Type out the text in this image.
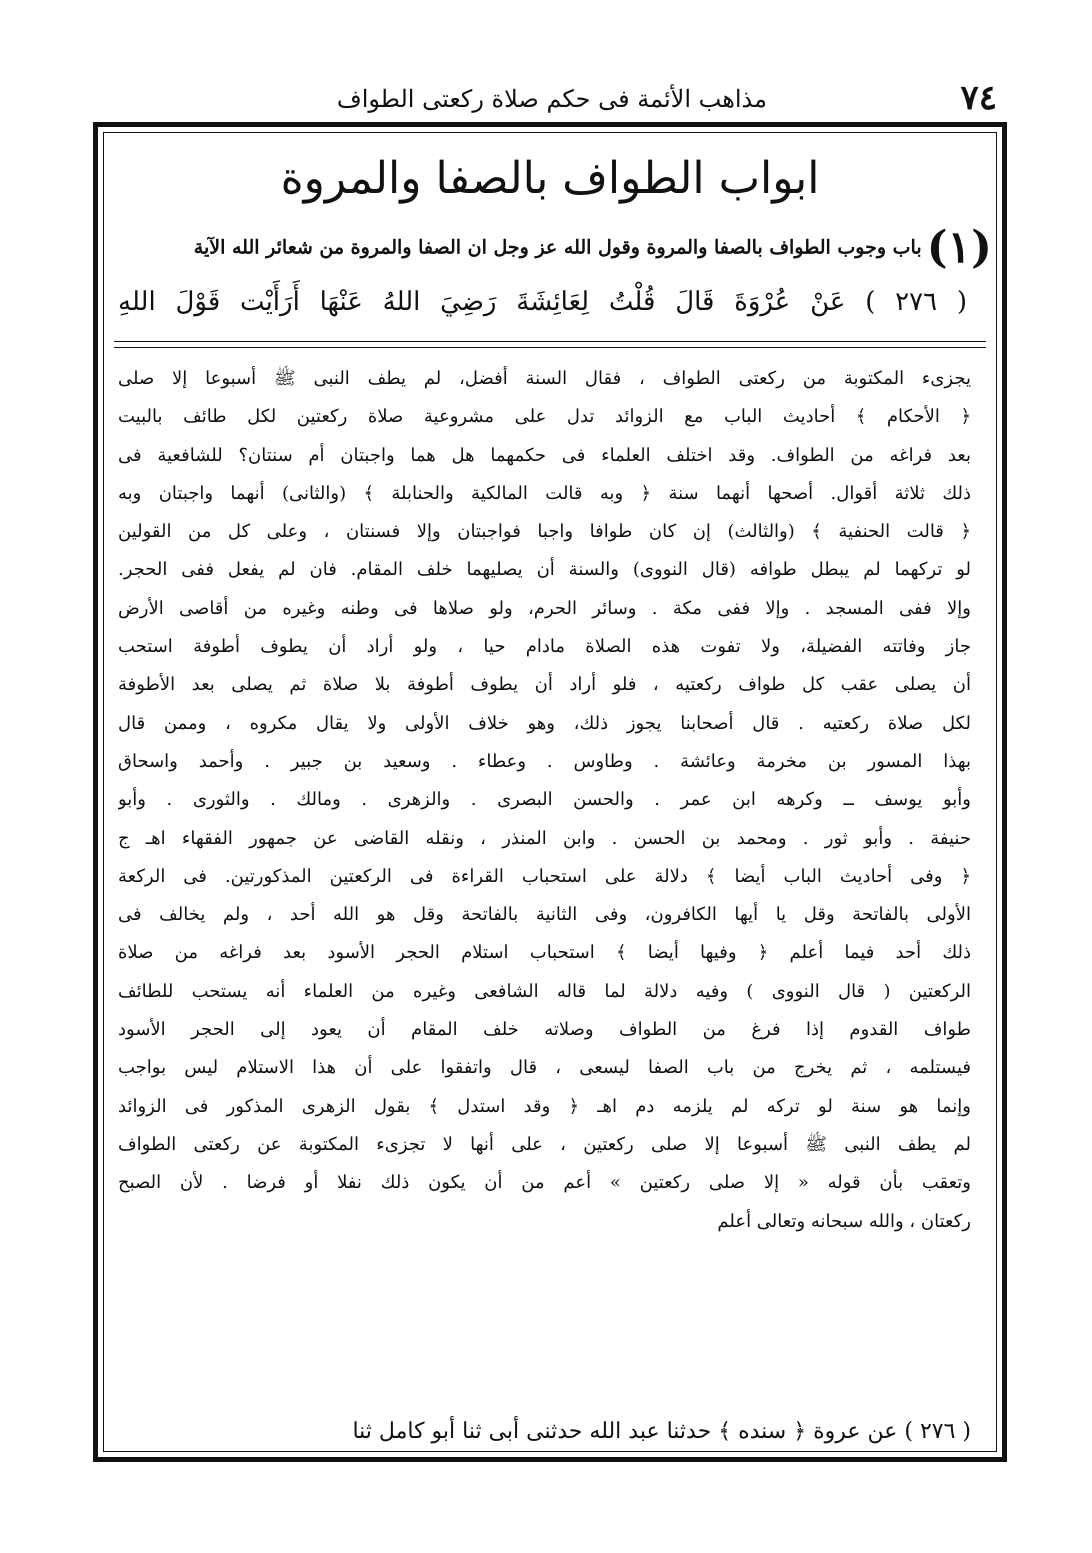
٧٤
مذاهب الأئمة فى حكم صلاة ركعتى الطواف
ابواب الطواف بالصفا والمروة
(١) باب وجوب الطواف بالصفا والمروة وقول الله عز وجل ان الصفا والمروة من شعائر الله الآية
( ٢٧٦ ) عَنْ عُرْوَةَ قَالَ قُلْتُ لِعَائِشَةَ رَضِيَ اللهُ عَنْهَا أَرَأَيْت قَوْلَ اللهِ
يجزىء المكتوبة من ركعتى الطواف ، فقال السنة أفضل، لم يطف النبى ﷺ أسبوعا إلا صلى
﴿ الأحكام ﴾ أحاديث الباب مع الزوائد تدل على مشروعية صلاة ركعتين لكل طائف بالبيت
بعد فراغه من الطواف. وقد اختلف العلماء فى حكمهما هل هما واجبتان أم سنتان؟ للشافعية فى
ذلك ثلاثة أقوال. أصحها أنهما سنة ﴿ وبه قالت المالكية والحنابلة ﴾ (والثانى) أنهما واجبتان وبه
﴿ قالت الحنفية ﴾ (والثالث) إن كان طوافا واجبا فواجبتان وإلا فسنتان ، وعلى كل من القولين
لو تركهما لم يبطل طوافه (قال النووى) والسنة أن يصليهما خلف المقام. فان لم يفعل ففى الحجر.
وإلا ففى المسجد . وإلا ففى مكة . وسائر الحرم، ولو صلاها فى وطنه وغيره من أقاصى الأرض
جاز وفاتته الفضيلة، ولا تفوت هذه الصلاة مادام حيا ، ولو أراد أن يطوف أطوفة استحب
أن يصلى عقب كل طواف ركعتيه ، فلو أراد أن يطوف أطوفة بلا صلاة ثم يصلى بعد الأطوفة
لكل صلاة ركعتيه . قال أصحابنا يجوز ذلك، وهو خلاف الأولى ولا يقال مكروه ، وممن قال
بهذا المسور بن مخرمة وعائشة . وطاوس . وعطاء . وسعيد بن جبير . وأحمد واسحاق
وأبو يوسف ــ وكرهه ابن عمر . والحسن البصرى . والزهرى . ومالك . والثورى . وأبو
حنيفة . وأبو ثور . ومحمد بن الحسن . وابن المنذر ، ونقله القاضى عن جمهور الفقهاء اهـ ج
﴿ وفى أحاديث الباب أيضا ﴾ دلالة على استحباب القراءة فى الركعتين المذكورتين. فى الركعة
الأولى بالفاتحة وقل يا أيها الكافرون، وفى الثانية بالفاتحة وقل هو الله أحد ، ولم يخالف فى
ذلك أحد فيما أعلم ﴿ وفيها أيضا ﴾ استحباب استلام الحجر الأسود بعد فراغه من صلاة
الركعتين ( قال النووى ) وفيه دلالة لما قاله الشافعى وغيره من العلماء أنه يستحب للطائف
طواف القدوم إذا فرغ من الطواف وصلاته خلف المقام أن يعود إلى الحجر الأسود
فيستلمه ، ثم يخرج من باب الصفا ليسعى ، قال واتفقوا على أن هذا الاستلام ليس بواجب
وإنما هو سنة لو تركه لم يلزمه دم اهـ ﴿ وقد استدل ﴾ بقول الزهرى المذكور فى الزوائد
لم يطف النبى ﷺ أسبوعا إلا صلى ركعتين ، على أنها لا تجزىء المكتوبة عن ركعتى الطواف
وتعقب بأن قوله « إلا صلى ركعتين » أعم من أن يكون ذلك نفلا أو فرضا . لأن الصبح
ركعتان ، والله سبحانه وتعالى أعلم
( ٢٧٦ ) عن عروة ﴿ سنده ﴾ حدثنا عبد الله حدثنى أبى ثنا أبو كامل ثنا
